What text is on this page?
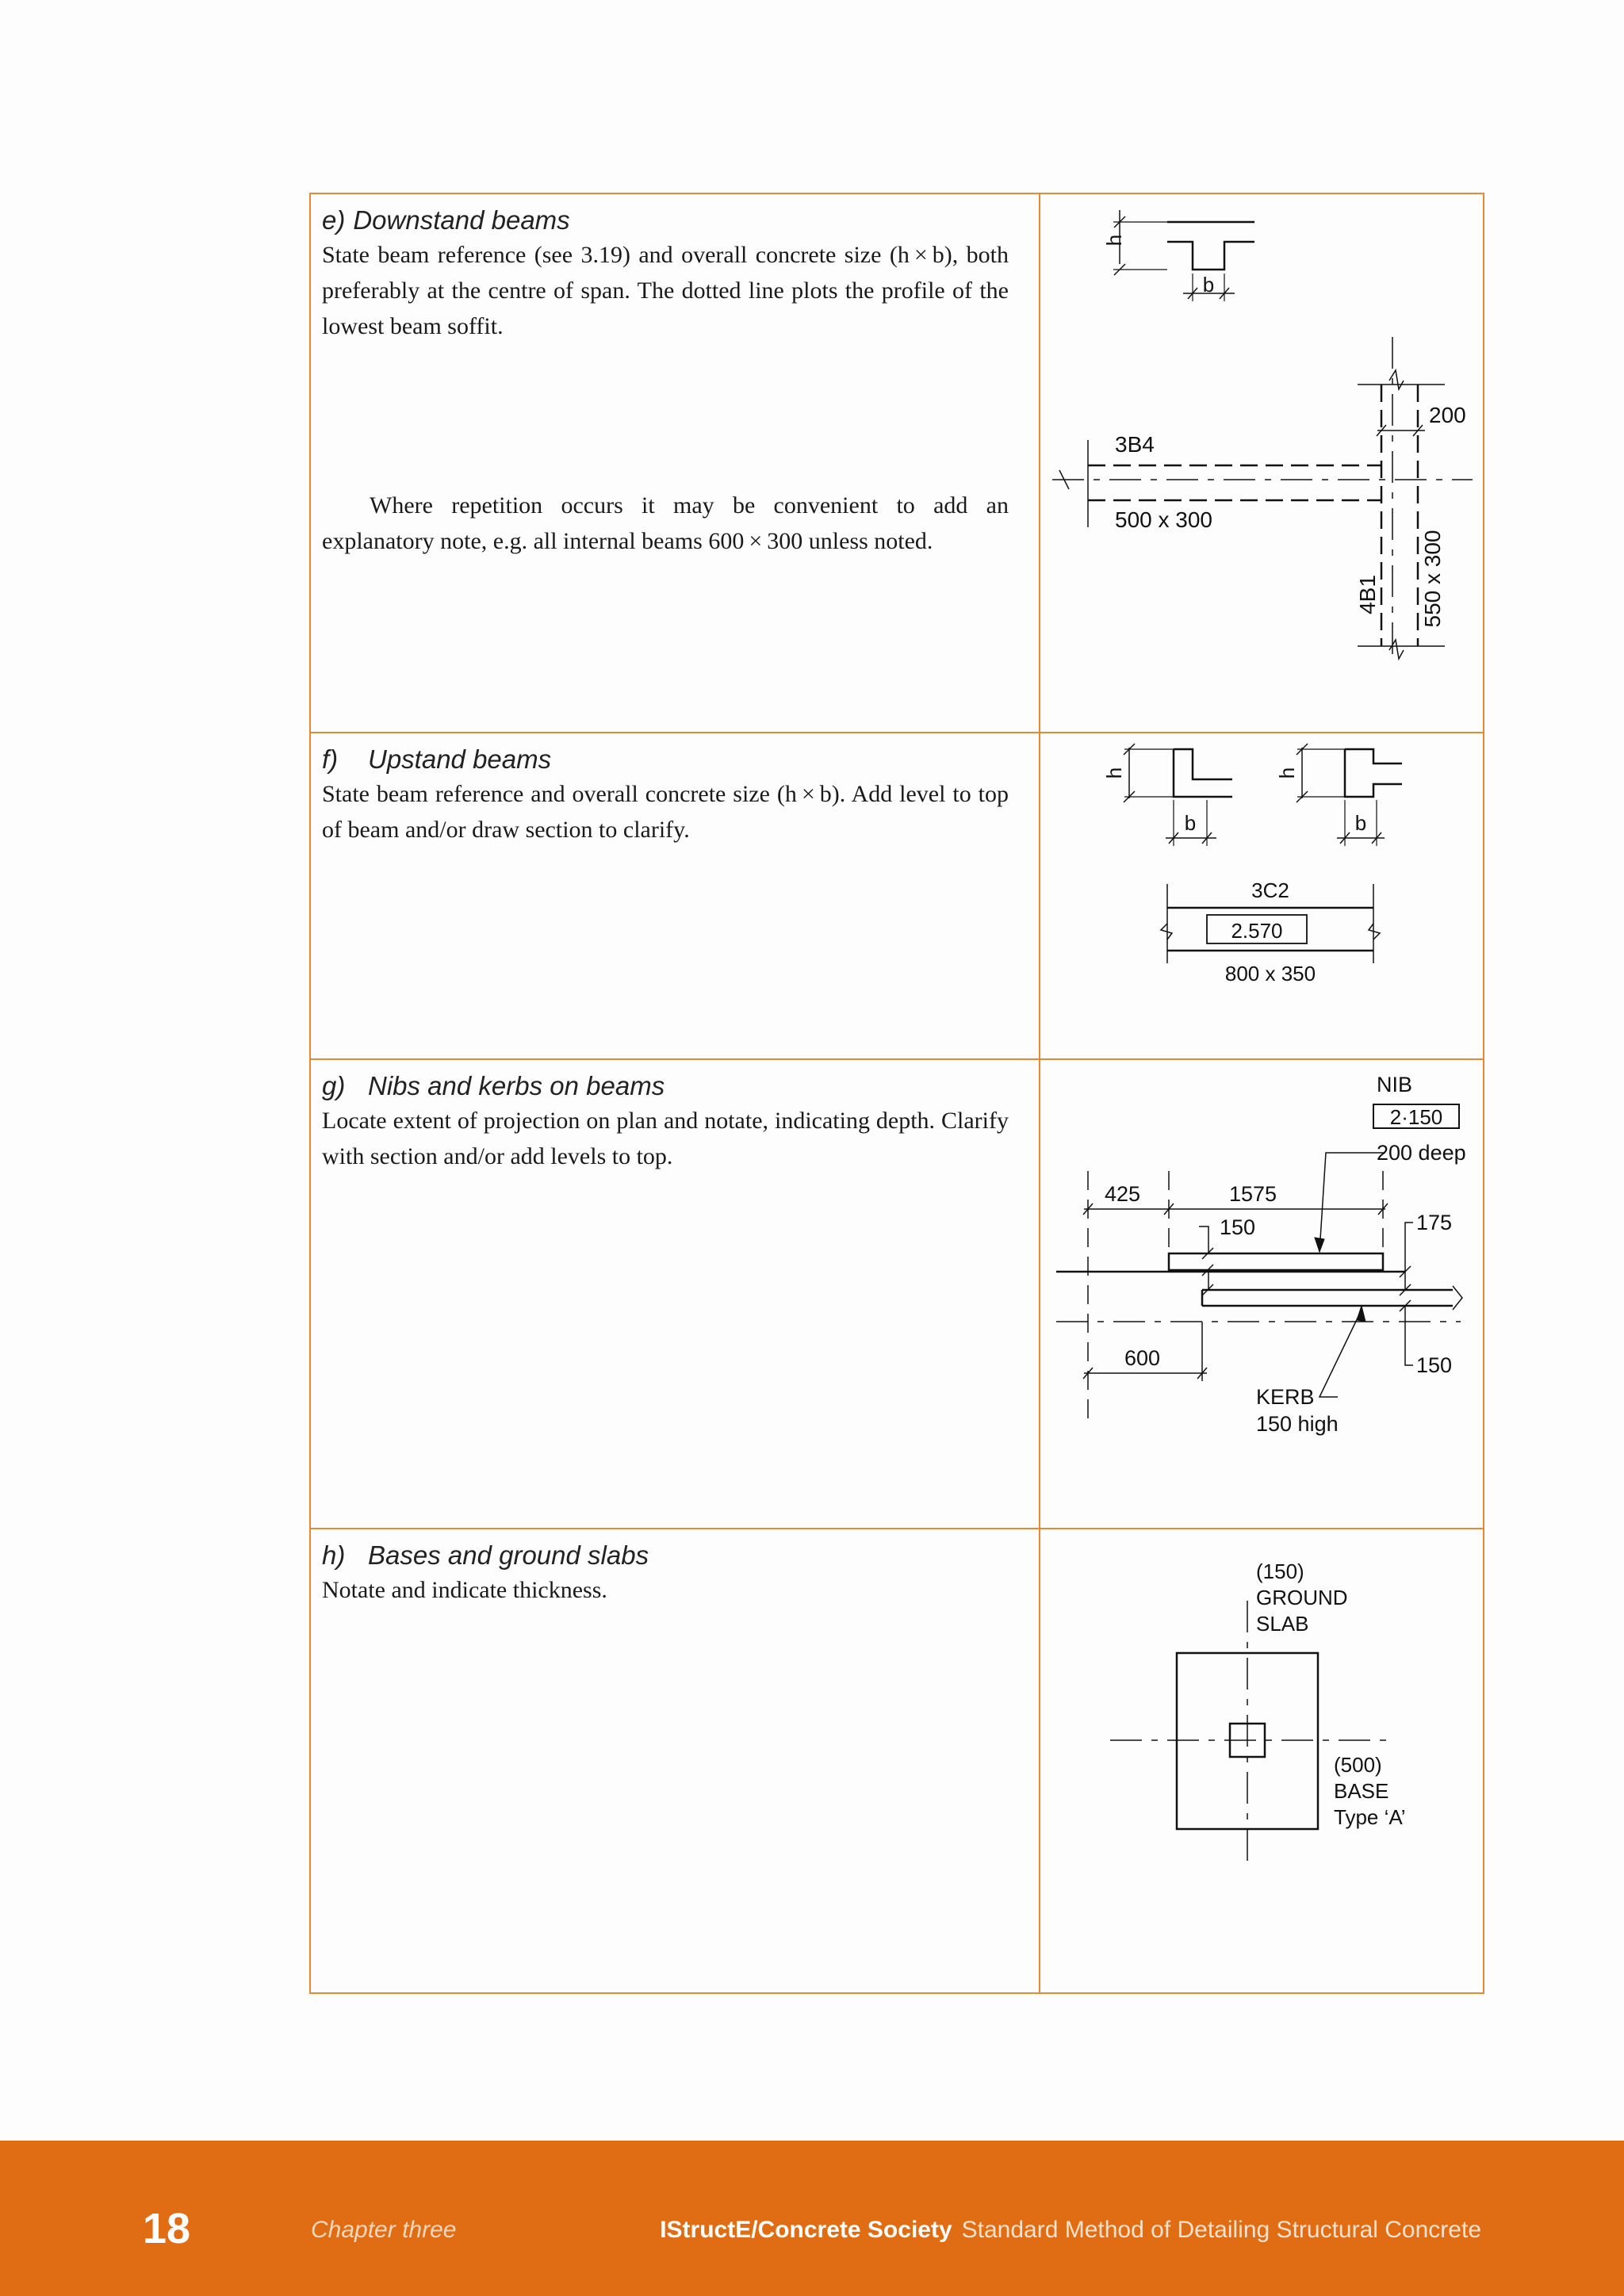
e) Downstand beams
State beam reference (see 3.19) and overall concrete size (h × b), both preferably at the centre of span. The dotted line plots the profile of the lowest beam soffit.
Where repetition occurs it may be convenient to add an explanatory note, e.g. all internal beams 600 × 300 unless noted.
h
b
200
3B4
500 x 300
4B1 550 x 300
f) Upstand beams
State beam reference and overall concrete size (h × b). Add level to top of beam and/or draw section to clarify.
h
b
h
b
3C2
2.570
800 x 350
g) Nibs and kerbs on beams
Locate extent of projection on plan and notate, indicating depth. Clarify with section and/or add levels to top.
NIB
2·150
200 deep
425	1575
150	175
600	150
KERB
150 high
h) Bases and ground slabs
Notate and indicate thickness.
(150)
GROUND
SLAB
(500)
BASE
Type ‘A’
18	Chapter three	IStructE/Concrete Society Standard Method of Detailing Structural Concrete
